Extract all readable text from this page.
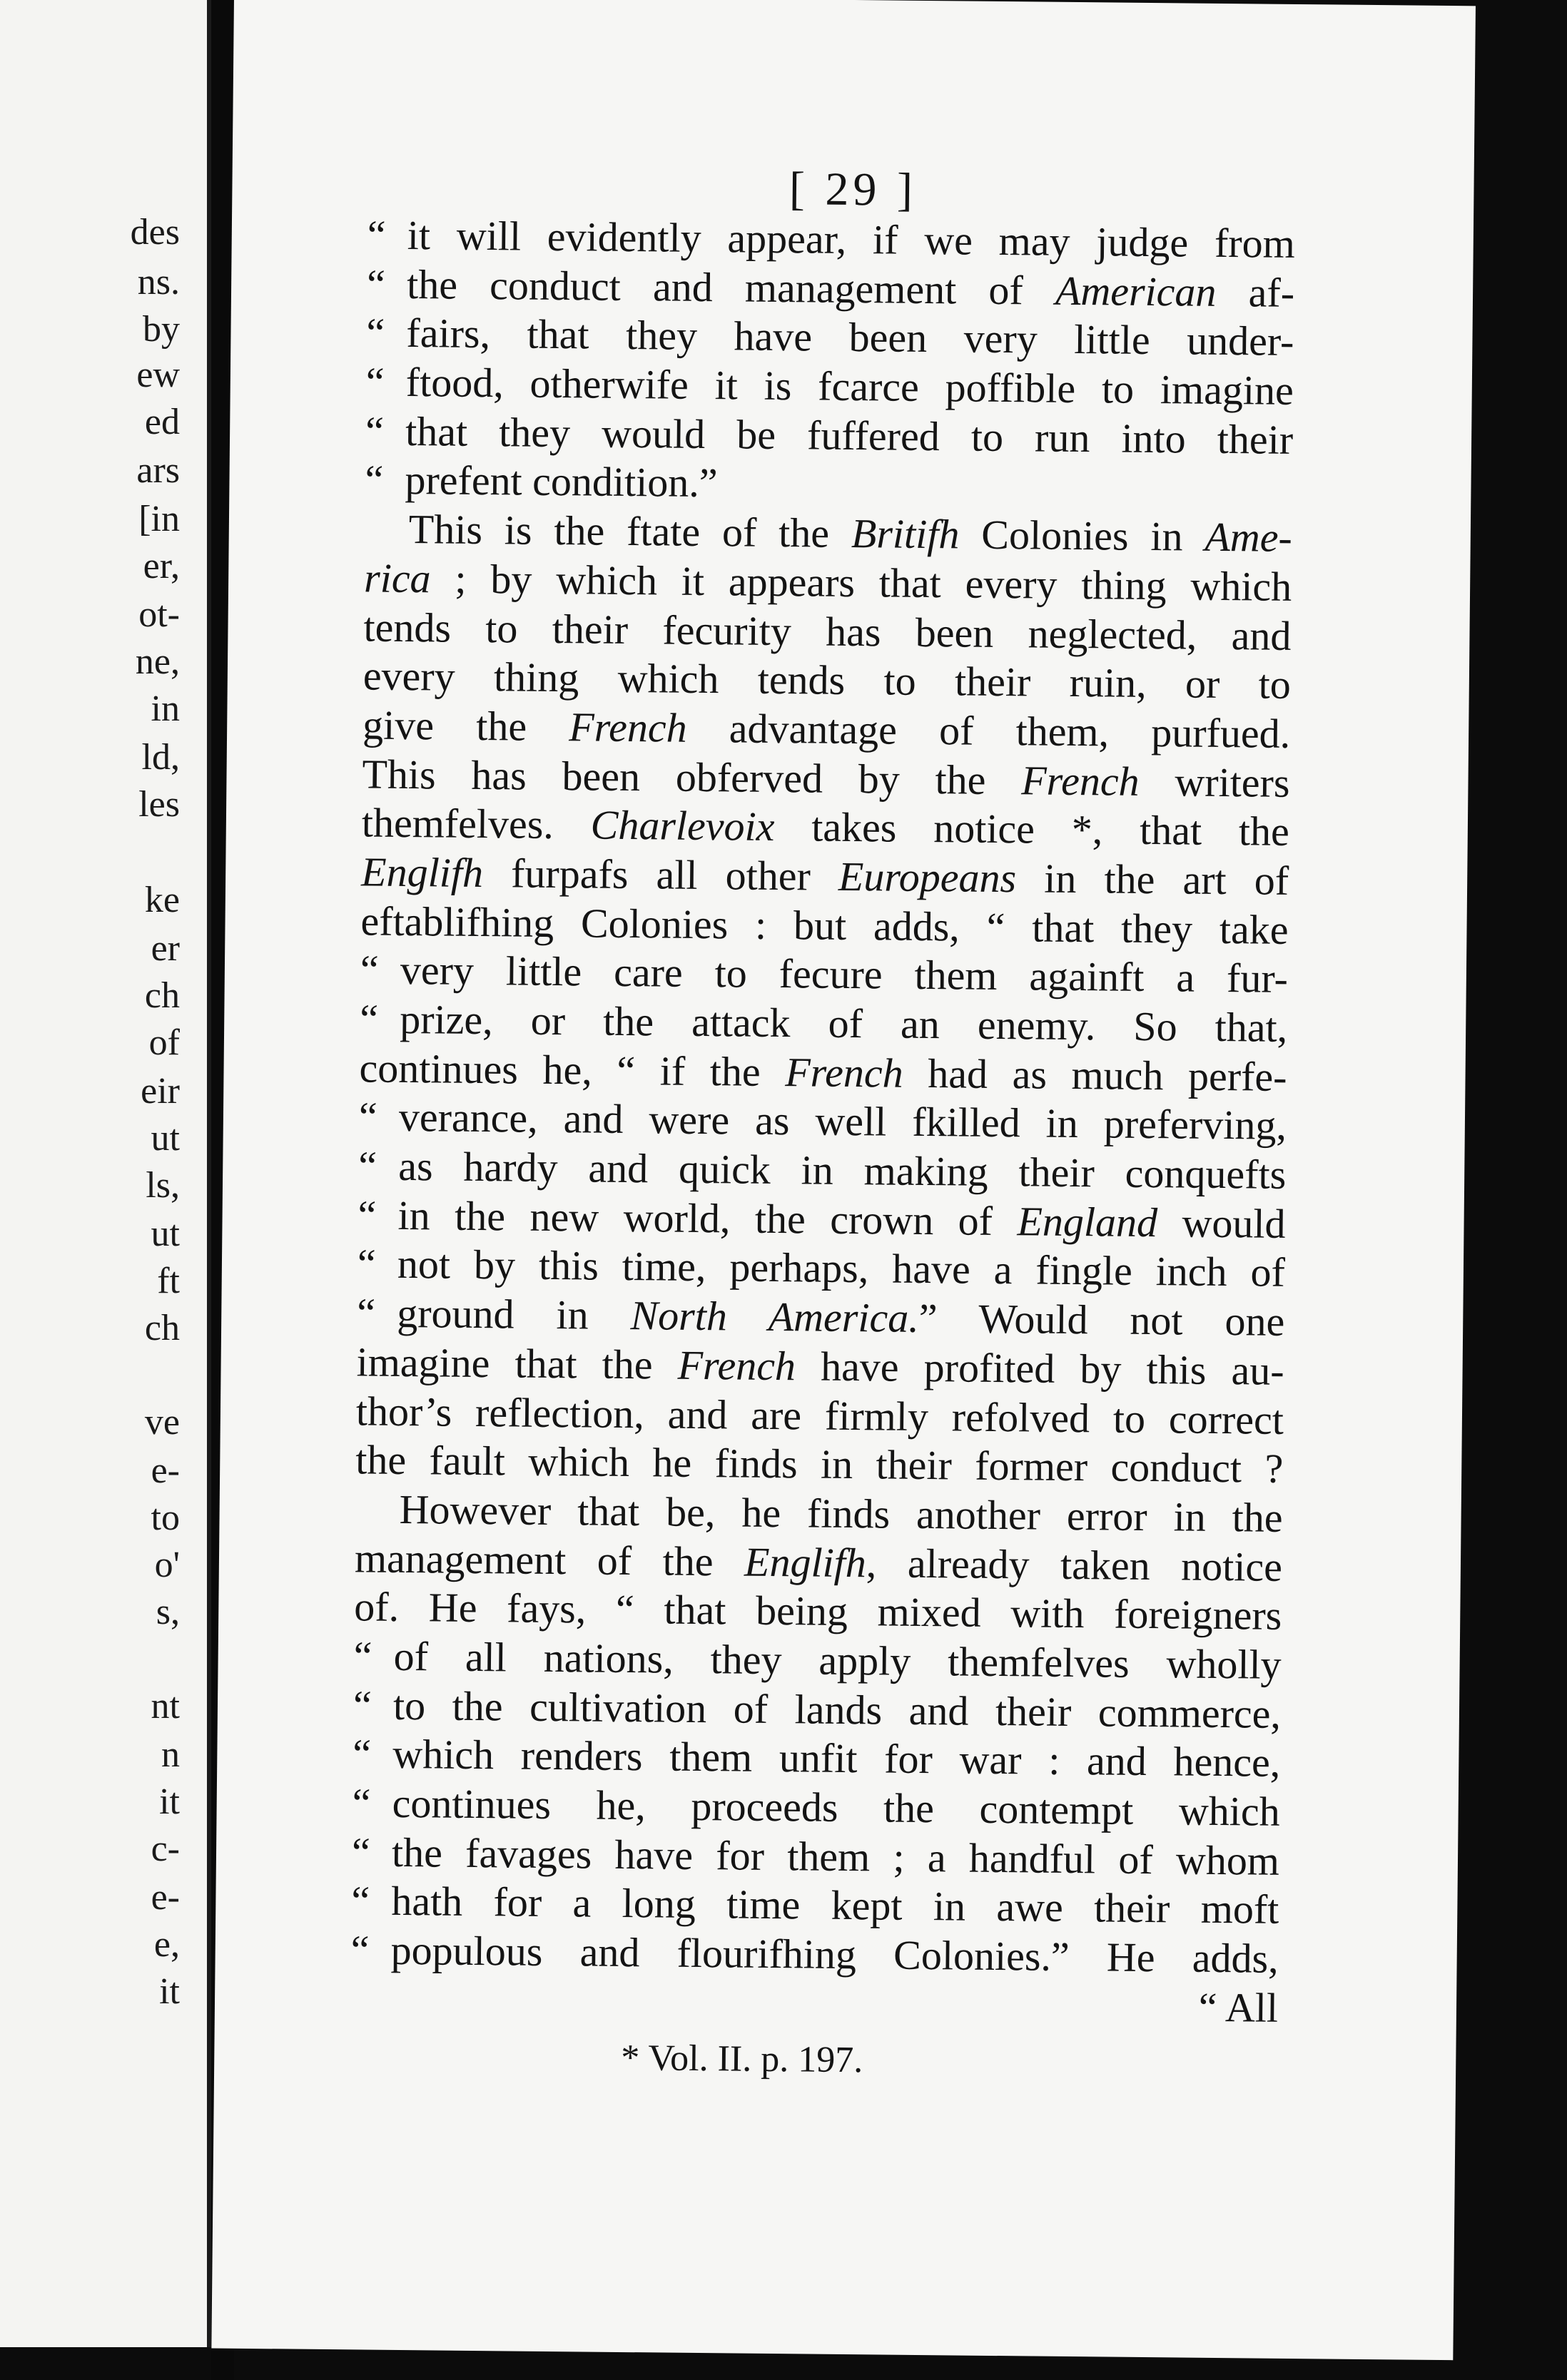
des

ns.

by

ew

ed

ars

[in

er,

ot-

ne,

in

ld,

les

ke

er

ch

of

eir

ut

ls,

ut

ft

ch

ve

e-

to

o'

s,

nt

n

it

c-

e-

e,

it

[ 29 ]

“ it will evidently appear, if we may judge from
“ the conduct and management of American af-
“ fairs, that they have been very little under-
“ ftood, otherwife it is fcarce poffible to imagine
“ that they would be fuffered to run into their
“ prefent condition.”
This is the ftate of the Britifh Colonies in Ame-
rica ; by which it appears that every thing which
tends to their fecurity has been neglected, and
every thing which tends to their ruin, or to
give the French advantage of them, purfued.
This has been obferved by the French writers
themfelves. Charlevoix takes notice *, that the
Englifh furpafs all other Europeans in the art of
eftablifhing Colonies : but adds, “ that they take
“ very little care to fecure them againft a fur-
“ prize, or the attack of an enemy. So that,
continues he, “ if the French had as much perfe-
“ verance, and were as well fkilled in preferving,
“ as hardy and quick in making their conquefts
“ in the new world, the crown of England would
“ not by this time, perhaps, have a fingle inch of
“ ground in North America.” Would not one
imagine that the French have profited by this au-
thor’s reflection, and are firmly refolved to correct
the fault which he finds in their former conduct ?
However that be, he finds another error in the
management of the Englifh, already taken notice
of. He fays, “ that being mixed with foreigners
“ of all nations, they apply themfelves wholly
“ to the cultivation of lands and their commerce,
“ which renders them unfit for war : and hence,
“ continues he, proceeds the contempt which
“ the favages have for them ; a handful of whom
“ hath for a long time kept in awe their moft
“ populous and flourifhing Colonies.” He adds,
“ All

* Vol. II. p. 197.
